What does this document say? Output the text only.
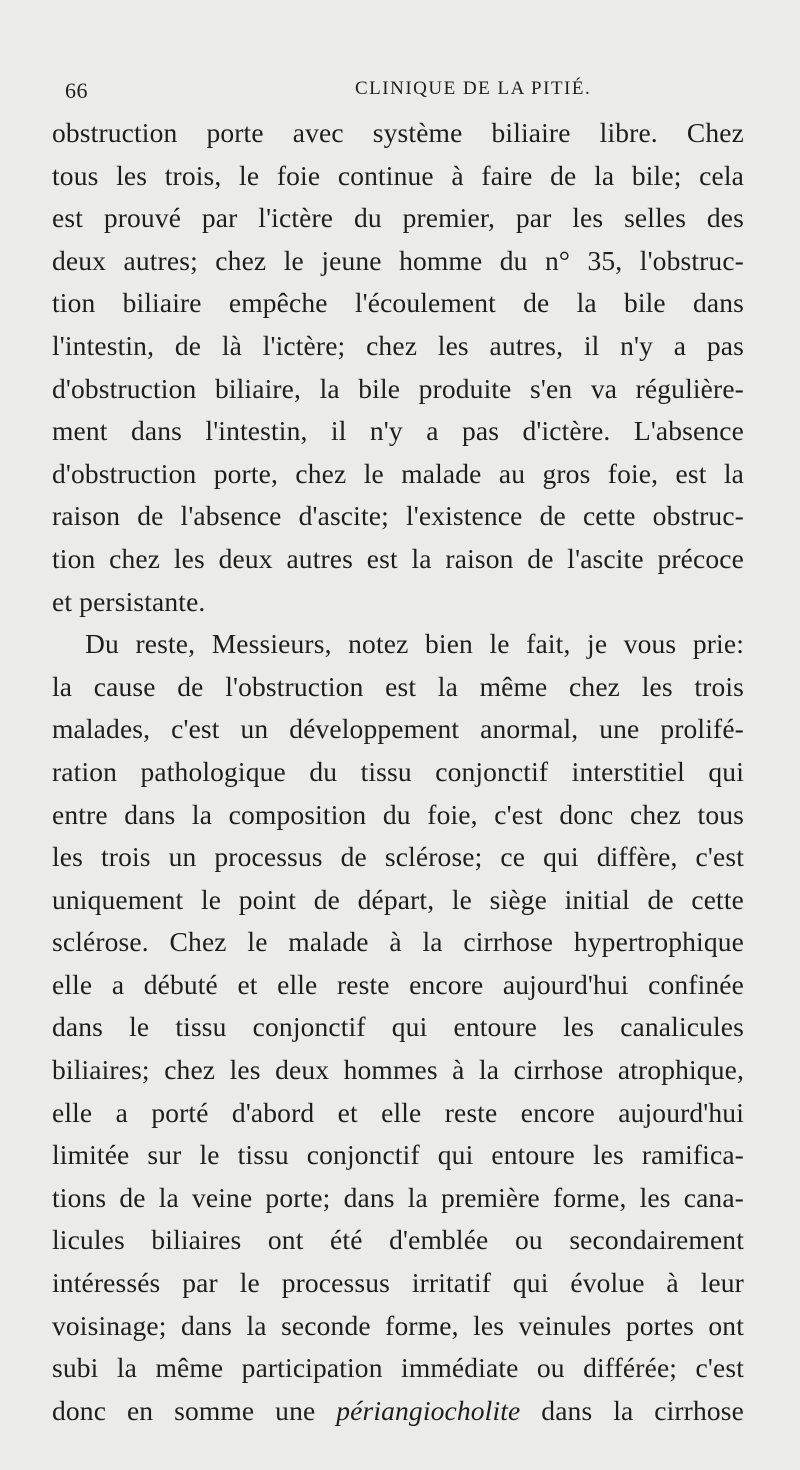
66	CLINIQUE DE LA PITIÉ.
obstruction porte avec système biliaire libre. Chez
tous les trois, le foie continue à faire de la bile; cela
est prouvé par l'ictère du premier, par les selles des
deux autres; chez le jeune homme du n° 35, l'obstruc-
tion biliaire empêche l'écoulement de la bile dans
l'intestin, de là l'ictère; chez les autres, il n'y a pas
d'obstruction biliaire, la bile produite s'en va régulière-
ment dans l'intestin, il n'y a pas d'ictère. L'absence
d'obstruction porte, chez le malade au gros foie, est la
raison de l'absence d'ascite; l'existence de cette obstruc-
tion chez les deux autres est la raison de l'ascite précoce
et persistante.
Du reste, Messieurs, notez bien le fait, je vous prie:
la cause de l'obstruction est la même chez les trois
malades, c'est un développement anormal, une prolifé-
ration pathologique du tissu conjonctif interstitiel qui
entre dans la composition du foie, c'est donc chez tous
les trois un processus de sclérose; ce qui diffère, c'est
uniquement le point de départ, le siège initial de cette
sclérose. Chez le malade à la cirrhose hypertrophique
elle a débuté et elle reste encore aujourd'hui confinée
dans le tissu conjonctif qui entoure les canalicules
biliaires; chez les deux hommes à la cirrhose atrophique,
elle a porté d'abord et elle reste encore aujourd'hui
limitée sur le tissu conjonctif qui entoure les ramifica-
tions de la veine porte; dans la première forme, les cana-
licules biliaires ont été d'emblée ou secondairement
intéressés par le processus irritatif qui évolue à leur
voisinage; dans la seconde forme, les veinules portes ont
subi la même participation immédiate ou différée; c'est
donc en somme une périangiocholite dans la cirrhose
